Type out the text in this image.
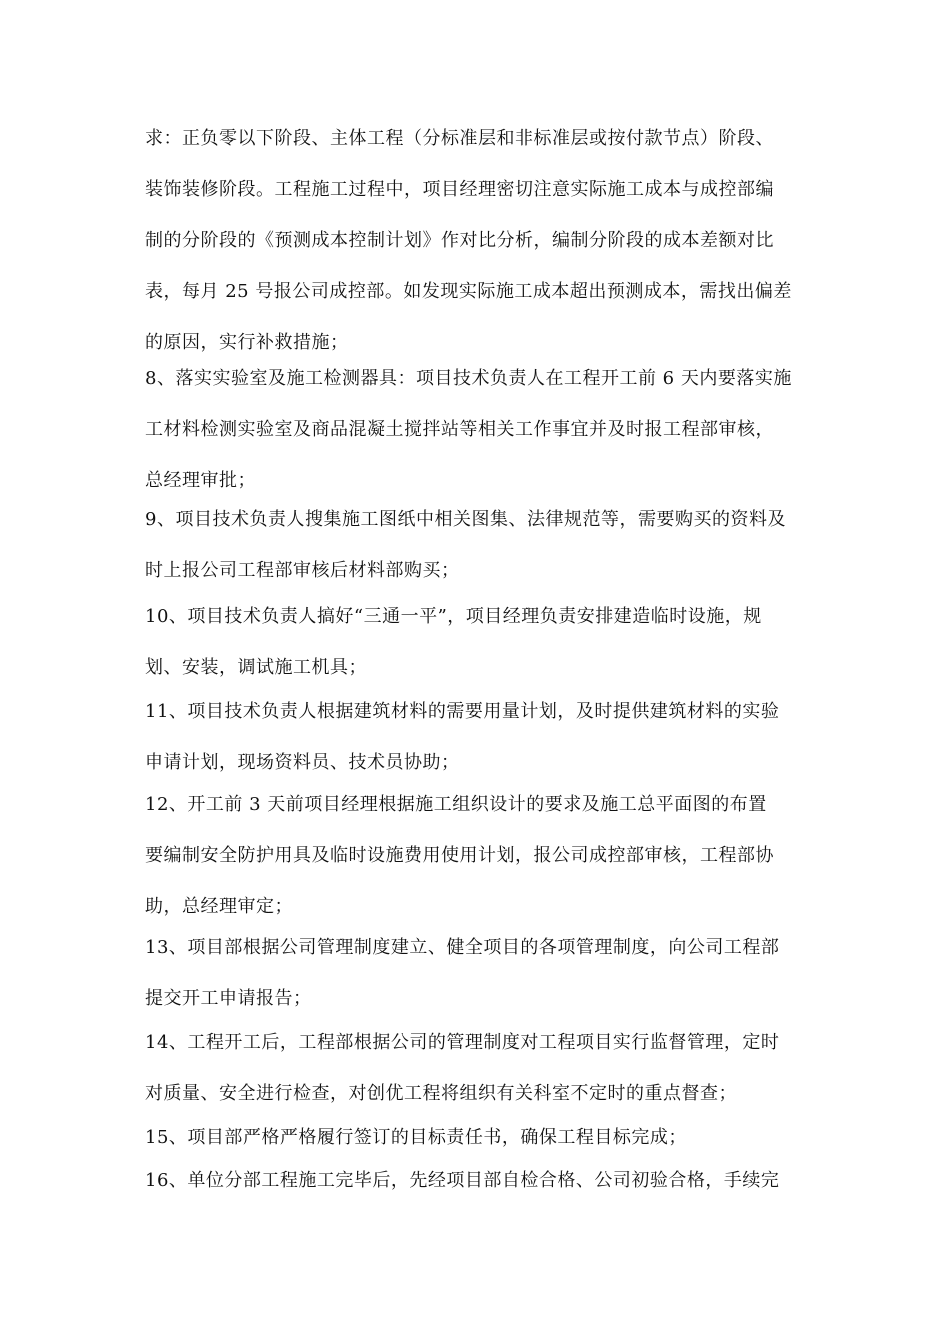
求：正负零以下阶段、主体工程（分标准层和非标准层或按付款节点）阶段、
装饰装修阶段。工程施工过程中，项目经理密切注意实际施工成本与成控部编
制的分阶段的《预测成本控制计划》作对比分析，编制分阶段的成本差额对比
表，每月 25 号报公司成控部。如发现实际施工成本超出预测成本，需找出偏差
的原因，实行补救措施；
8、落实实验室及施工检测器具：项目技术负责人在工程开工前 6 天内要落实施
工材料检测实验室及商品混凝土搅拌站等相关工作事宜并及时报工程部审核，
总经理审批；
9、项目技术负责人搜集施工图纸中相关图集、法律规范等，需要购买的资料及
时上报公司工程部审核后材料部购买；
10、项目技术负责人搞好“三通一平”，项目经理负责安排建造临时设施，规
划、安装，调试施工机具；
11、项目技术负责人根据建筑材料的需要用量计划，及时提供建筑材料的实验
申请计划，现场资料员、技术员协助；
12、开工前 3 天前项目经理根据施工组织设计的要求及施工总平面图的布置
要编制安全防护用具及临时设施费用使用计划，报公司成控部审核，工程部协
助，总经理审定；
13、项目部根据公司管理制度建立、健全项目的各项管理制度，向公司工程部
提交开工申请报告；
14、工程开工后，工程部根据公司的管理制度对工程项目实行监督管理，定时
对质量、安全进行检查，对创优工程将组织有关科室不定时的重点督查；
15、项目部严格严格履行签订的目标责任书，确保工程目标完成；
16、单位分部工程施工完毕后，先经项目部自检合格、公司初验合格，手续完
